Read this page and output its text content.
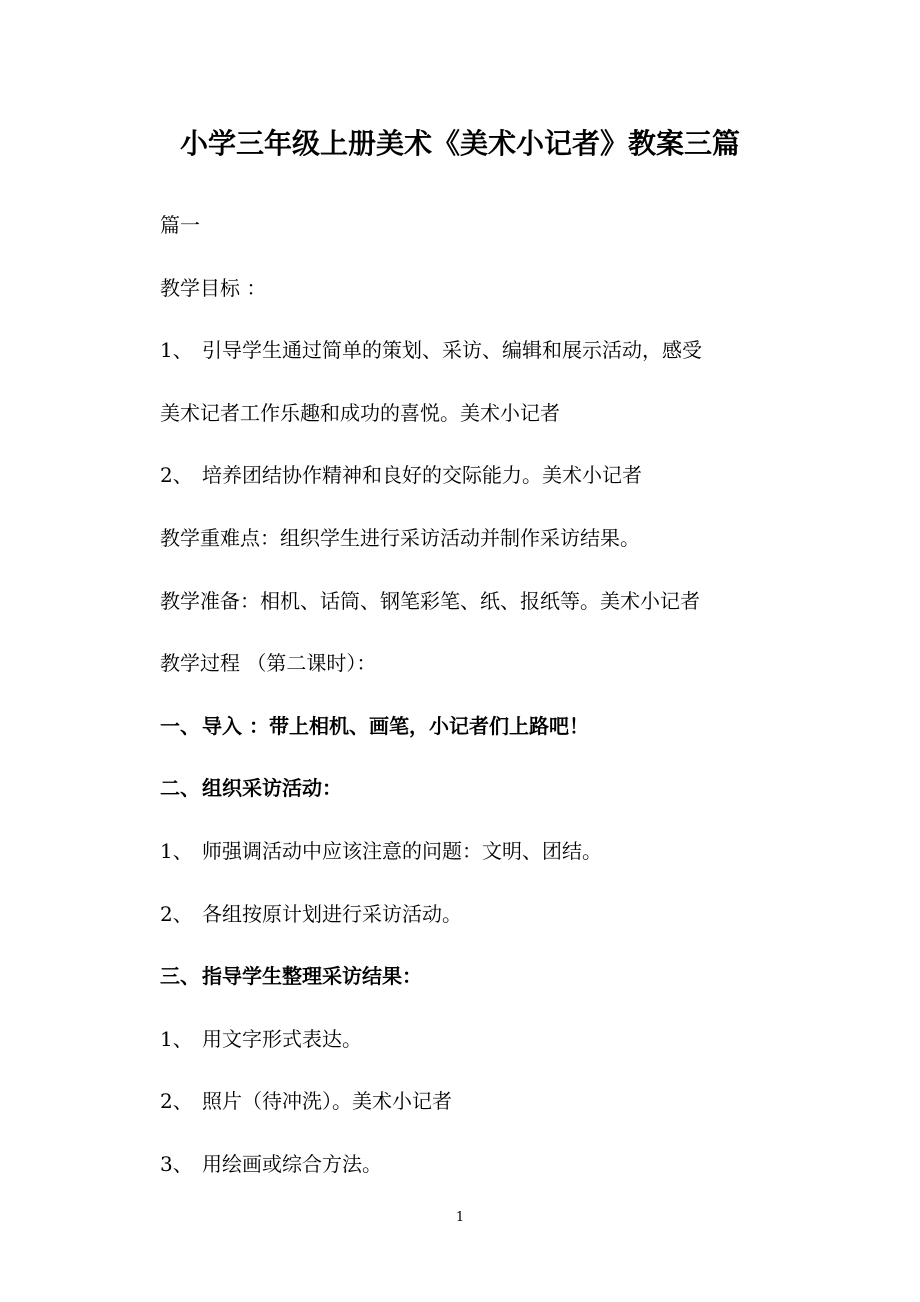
小学三年级上册美术《美术小记者》教案三篇
篇一
教学目标 ：
1、 引导学生通过简单的策划、采访、编辑和展示活动，感受
美术记者工作乐趣和成功的喜悦。美术小记者
2、 培养团结协作精神和良好的交际能力。美术小记者
教学重难点：组织学生进行采访活动并制作采访结果。
教学准备：相机、话筒、钢笔彩笔、纸、报纸等。美术小记者
教学过程 （第二课时）：
一、 导入 ：带上相机、画笔，小记者们上路吧！
二、 组织采访活动：
1、 师强调活动中应该注意的问题：文明、团结。
2、 各组按原计划进行采访活动。
三、 指导学生整理采访结果：
1、 用文字形式表达。
2、 照片（待冲洗）。美术小记者
3、 用绘画或综合方法。
1
